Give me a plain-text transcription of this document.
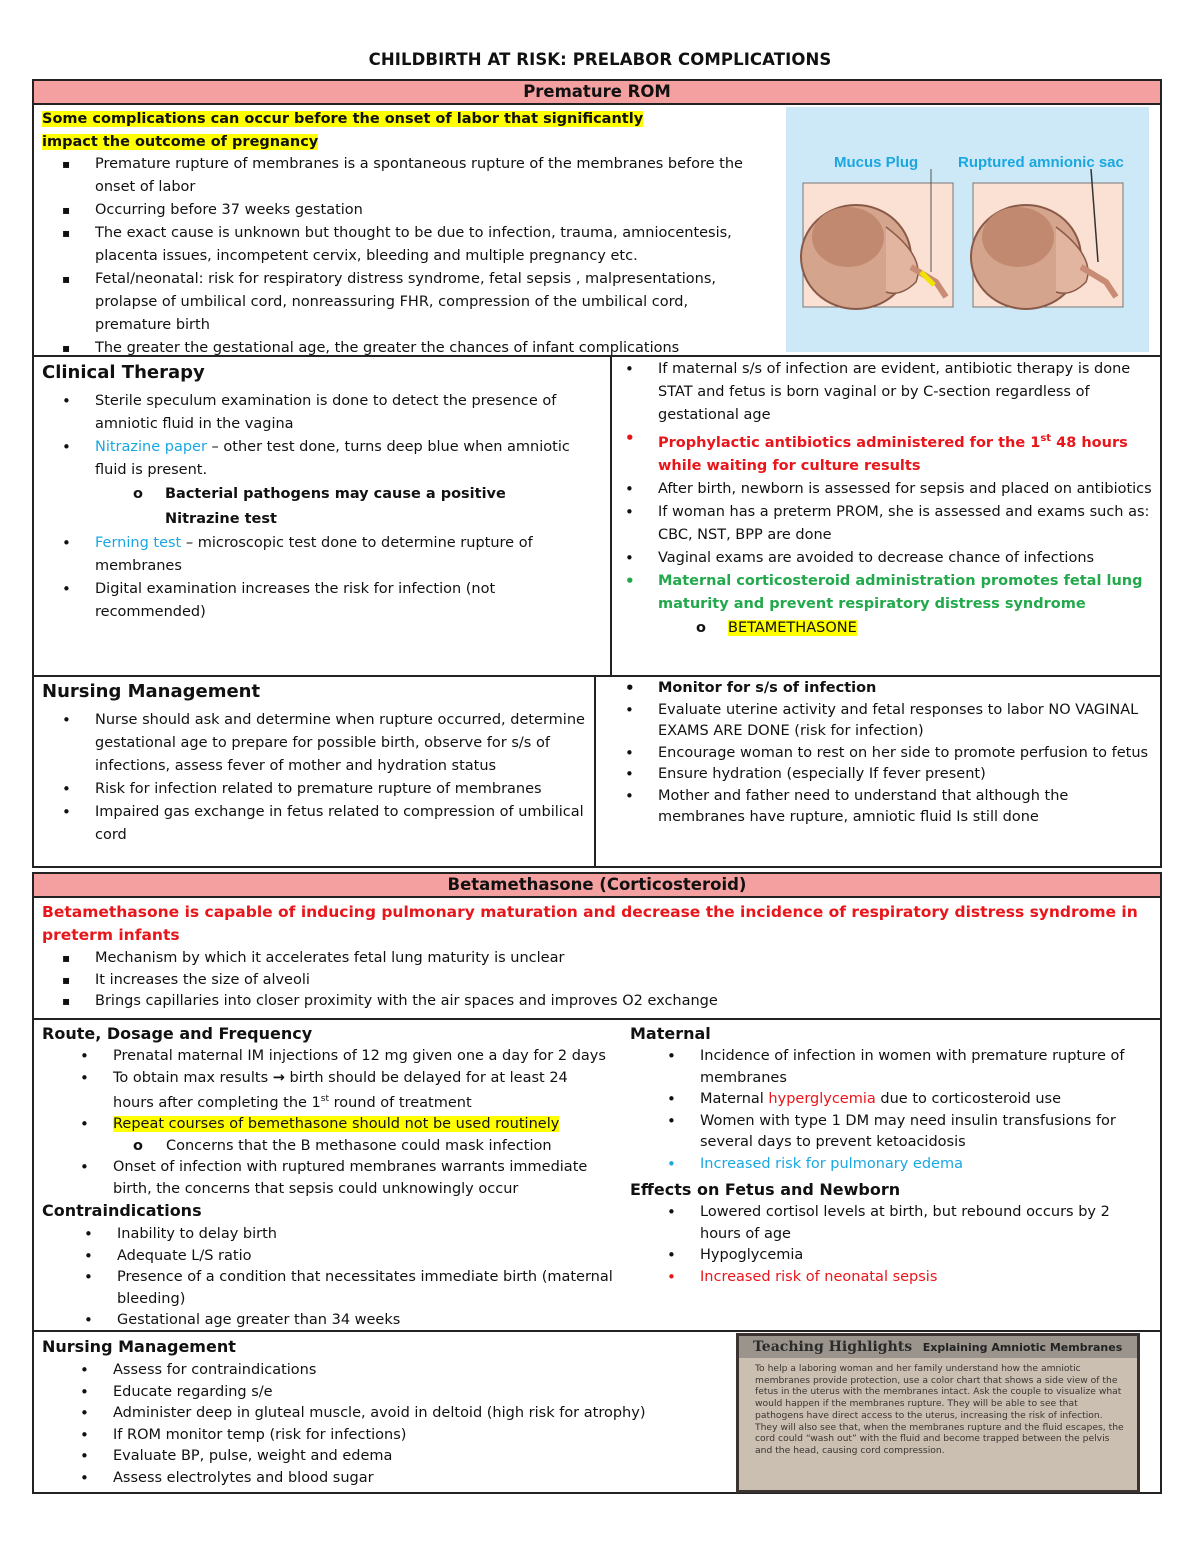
CHILDBIRTH AT RISK: PRELABOR COMPLICATIONS
Premature ROM
Some complications can occur before the onset of labor that significantly impact the outcome of pregnancy
▪ Premature rupture of membranes is a spontaneous rupture of the membranes before the onset of labor
▪ Occurring before 37 weeks gestation
▪ The exact cause is unknown but thought to be due to infection, trauma, amniocentesis, placenta issues, incompetent cervix, bleeding and multiple pregnancy etc.
▪ Fetal/neonatal: risk for respiratory distress syndrome, fetal sepsis , malpresentations, prolapse of umbilical cord, nonreassuring FHR, compression of the umbilical cord, premature birth
▪ The greater the gestational age, the greater the chances of infant complications
Mucus Plug	Ruptured amnionic sac
Clinical Therapy
• Sterile speculum examination is done to detect the presence of amniotic fluid in the vagina
• Nitrazine paper – other test done, turns deep blue when amniotic fluid is present.
o Bacterial pathogens may cause a positive Nitrazine test
• Ferning test – microscopic test done to determine rupture of membranes
• Digital examination increases the risk for infection (not recommended)
• If maternal s/s of infection are evident, antibiotic therapy is done STAT and fetus is born vaginal or by C-section regardless of gestational age
• Prophylactic antibiotics administered for the 1st 48 hours while waiting for culture results
• After birth, newborn is assessed for sepsis and placed on antibiotics
• If woman has a preterm PROM, she is assessed and exams such as: CBC, NST, BPP are done
• Vaginal exams are avoided to decrease chance of infections
• Maternal corticosteroid administration promotes fetal lung maturity and prevent respiratory distress syndrome
o BETAMETHASONE
Nursing Management
• Nurse should ask and determine when rupture occurred, determine gestational age to prepare for possible birth, observe for s/s of infections, assess fever of mother and hydration status
• Risk for infection related to premature rupture of membranes
• Impaired gas exchange in fetus related to compression of umbilical cord
• Monitor for s/s of infection
• Evaluate uterine activity and fetal responses to labor NO VAGINAL EXAMS ARE DONE (risk for infection)
• Encourage woman to rest on her side to promote perfusion to fetus
• Ensure hydration (especially If fever present)
• Mother and father need to understand that although the membranes have rupture, amniotic fluid Is still done
Betamethasone (Corticosteroid)
Betamethasone is capable of inducing pulmonary maturation and decrease the incidence of respiratory distress syndrome in preterm infants
▪ Mechanism by which it accelerates fetal lung maturity is unclear
▪ It increases the size of alveoli
▪ Brings capillaries into closer proximity with the air spaces and improves O2 exchange
Route, Dosage and Frequency
• Prenatal maternal IM injections of 12 mg given one a day for 2 days
• To obtain max results → birth should be delayed for at least 24 hours after completing the 1st round of treatment
• Repeat courses of bemethasone should not be used routinely
o Concerns that the B methasone could mask infection
• Onset of infection with ruptured membranes warrants immediate birth, the concerns that sepsis could unknowingly occur
Contraindications
• Inability to delay birth
• Adequate L/S ratio
• Presence of a condition that necessitates immediate birth (maternal bleeding)
• Gestational age greater than 34 weeks
Maternal
• Incidence of infection in women with premature rupture of membranes
• Maternal hyperglycemia due to corticosteroid use
• Women with type 1 DM may need insulin transfusions for several days to prevent ketoacidosis
• Increased risk for pulmonary edema
Effects on Fetus and Newborn
• Lowered cortisol levels at birth, but rebound occurs by 2 hours of age
• Hypoglycemia
• Increased risk of neonatal sepsis
Nursing Management
• Assess for contraindications
• Educate regarding s/e
• Administer deep in gluteal muscle, avoid in deltoid (high risk for atrophy)
• If ROM monitor temp (risk for infections)
• Evaluate BP, pulse, weight and edema
• Assess electrolytes and blood sugar
Teaching Highlights Explaining Amniotic Membranes
To help a laboring woman and her family understand how the amniotic membranes provide protection, use a color chart that shows a side view of the fetus in the uterus with the membranes intact. Ask the couple to visualize what would happen if the membranes rupture. They will be able to see that pathogens have direct access to the uterus, increasing the risk of infection. They will also see that, when the membranes rupture and the fluid escapes, the cord could “wash out” with the fluid and become trapped between the pelvis and the head, causing cord compression.
